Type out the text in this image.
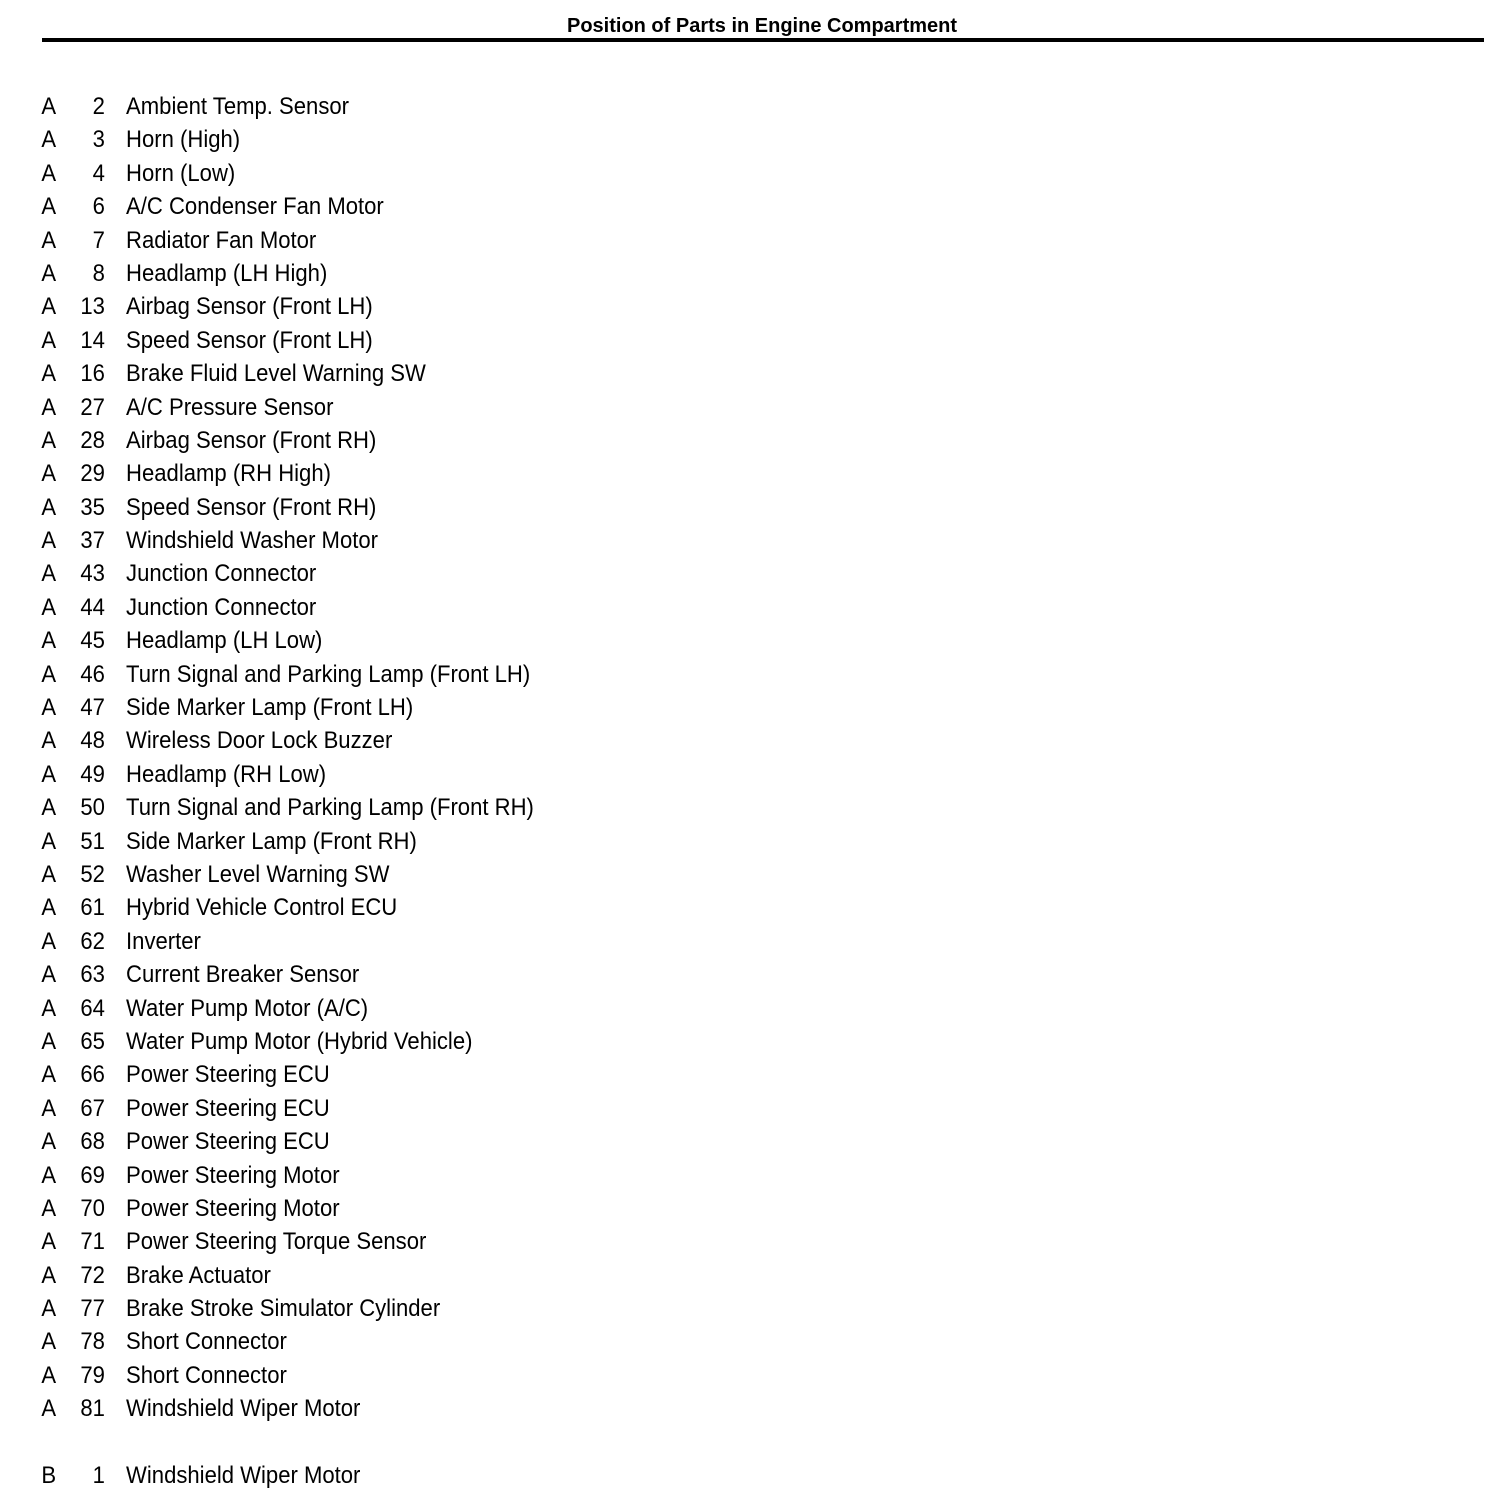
Position of Parts in Engine Compartment
A	2 Ambient Temp. Sensor
A	3 Horn (High)
A	4 Horn (Low)
A	6 A/C Condenser Fan Motor
A	7 Radiator Fan Motor
A	8 Headlamp (LH High)
A	13 Airbag Sensor (Front LH)
A	14 Speed Sensor (Front LH)
A	16 Brake Fluid Level Warning SW
A	27 A/C Pressure Sensor
A	28 Airbag Sensor (Front RH)
A	29 Headlamp (RH High)
A	35 Speed Sensor (Front RH)
A	37 Windshield Washer Motor
A	43 Junction Connector
A	44 Junction Connector
A	45 Headlamp (LH Low)
A	46 Turn Signal and Parking Lamp (Front LH)
A	47 Side Marker Lamp (Front LH)
A	48 Wireless Door Lock Buzzer
A	49 Headlamp (RH Low)
A	50 Turn Signal and Parking Lamp (Front RH)
A	51 Side Marker Lamp (Front RH)
A	52 Washer Level Warning SW
A	61 Hybrid Vehicle Control ECU
A	62 Inverter
A	63 Current Breaker Sensor
A	64 Water Pump Motor (A/C)
A	65 Water Pump Motor (Hybrid Vehicle)
A	66 Power Steering ECU
A	67 Power Steering ECU
A	68 Power Steering ECU
A	69 Power Steering Motor
A	70 Power Steering Motor
A	71 Power Steering Torque Sensor
A	72 Brake Actuator
A	77 Brake Stroke Simulator Cylinder
A	78 Short Connector
A	79 Short Connector
A	81 Windshield Wiper Motor
B	1 Windshield Wiper Motor
